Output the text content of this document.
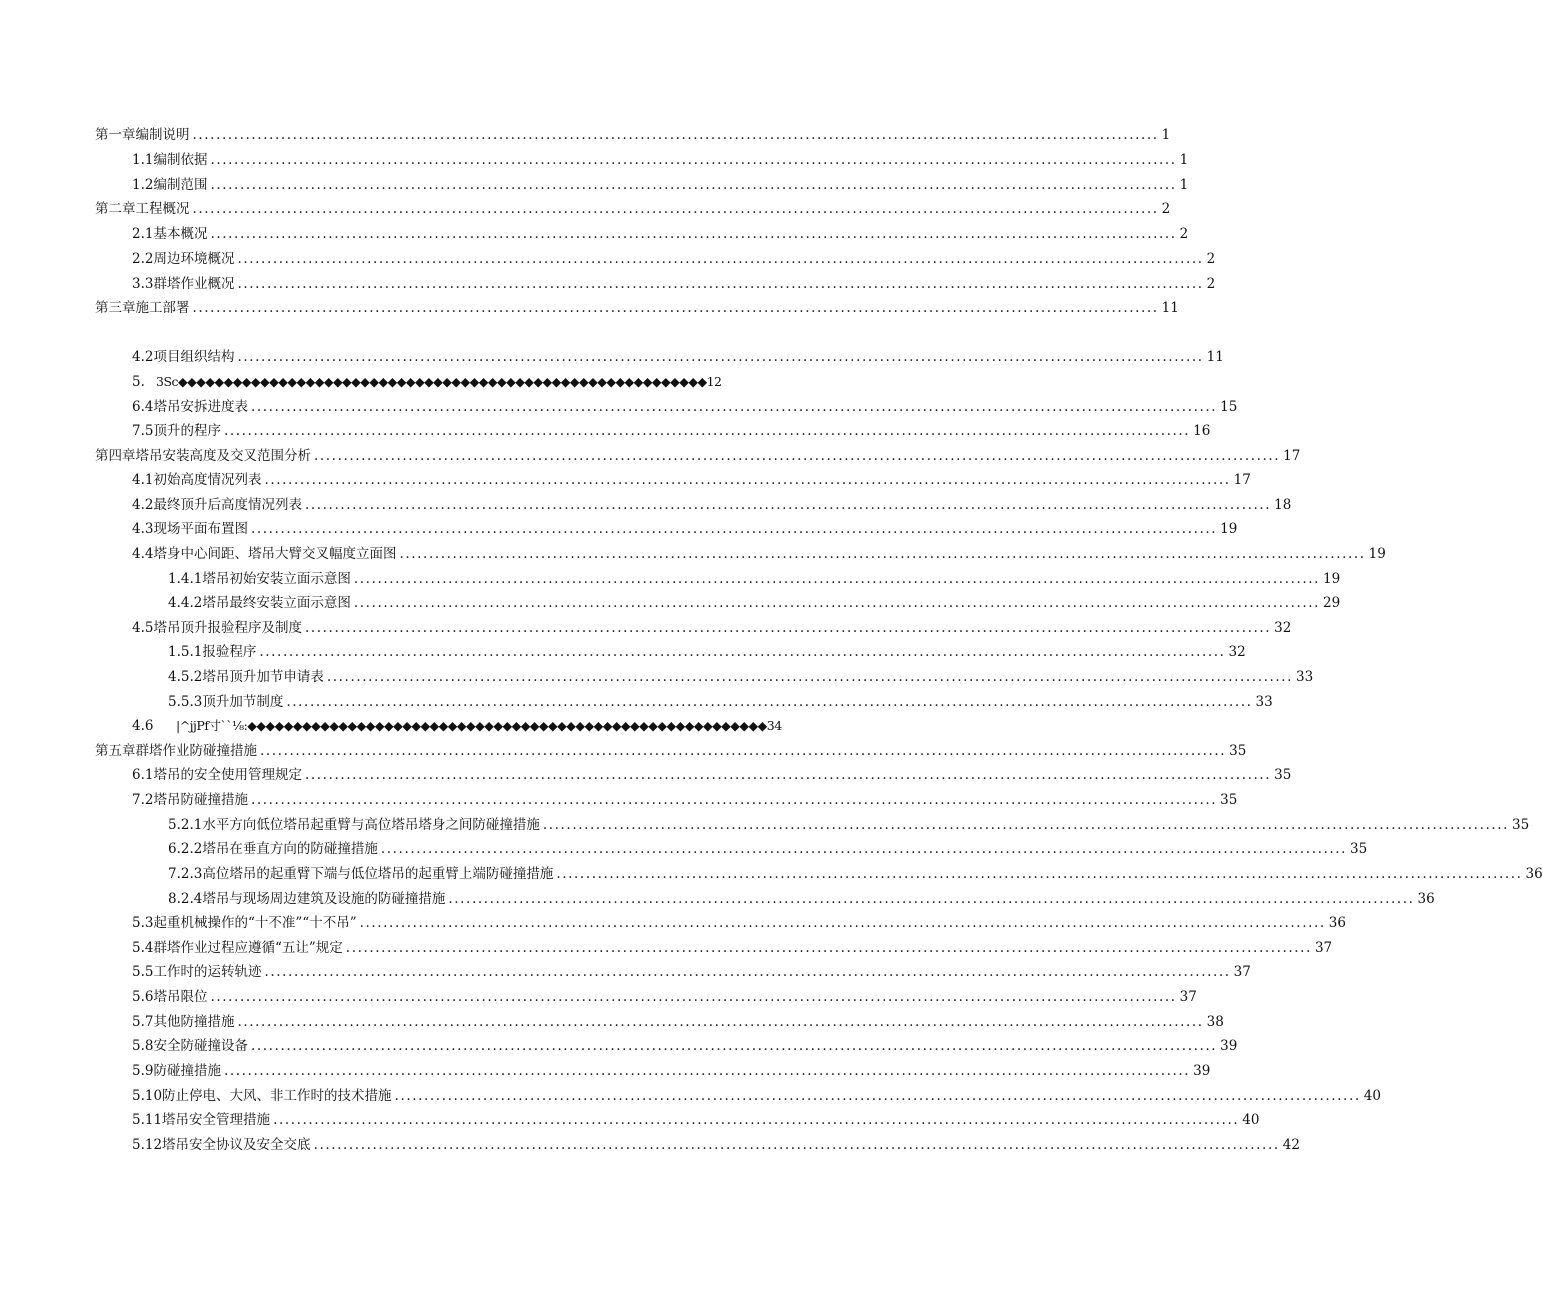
第一章编制说明 .................................................................................................................................................................... 1
1. 1编制依据 .................................................................................................................................................................... 1
1.2编制范围 .................................................................................................................................................................... 1
第二章工程概况 .................................................................................................................................................................... 2
2.1基本概况 .................................................................................................................................................................... 2
2. 2周边环境概况 .................................................................................................................................................................... 2
3. 3群塔作业概况 .................................................................................................................................................................... 2
第三章施工部署 .................................................................................................................................................................... 11
4. 2项目组织结构 .................................................................................................................................................................... 11
5. 3Sc◆◆◆◆◆◆◆◆◆◆◆◆◆◆◆◆◆◆◆◆◆◆◆◆◆◆◆◆◆◆◆◆◆◆◆◆◆◆◆◆◆◆◆◆◆◆◆◆◆◆◆◆◆◆◆◆◆◆12
6. 4塔吊安拆进度表 .................................................................................................................................................................... 15
7. 5顶升的程序 .................................................................................................................................................................... 16
第四章塔吊安装高度及交叉范围分析 .................................................................................................................................................................... 17
4.1初始高度情况列表 .................................................................................................................................................................... 17
4.2最终顶升后高度情况列表 .................................................................................................................................................................... 18
4.3现场平面布置图 .................................................................................................................................................................... 19
4. 4塔身中心间距、塔吊大臂交叉幅度立面图 .................................................................................................................................................................... 19
1. 4.1塔吊初始安装立面示意图 .................................................................................................................................................................... 19
4. 4.2塔吊最终安装立面示意图 .................................................................................................................................................................... 29
4.5塔吊顶升报验程序及制度 .................................................................................................................................................................... 32
1. 5.1报验程序 .................................................................................................................................................................... 32
4. 5.2塔吊顶升加节申请表 .................................................................................................................................................................... 33
5. 5.3顶升加节制度 .................................................................................................................................................................... 33
4.6	|^jjPf寸``⅛:◆◆◆◆◆◆◆◆◆◆◆◆◆◆◆◆◆◆◆◆◆◆◆◆◆◆◆◆◆◆◆◆◆◆◆◆◆◆◆◆◆◆◆◆◆◆◆◆◆◆◆◆◆◆◆◆◆34
第五章群塔作业防碰撞措施 .................................................................................................................................................................... 35
6. 1塔吊的安全使用管理规定 .................................................................................................................................................................... 35
7. 2塔吊防碰撞措施 .................................................................................................................................................................... 35
5. 2.1水平方向低位塔吊起重臂与高位塔吊塔身之间防碰撞措施 .................................................................................................................................................................... 35
6. 2.2塔吊在垂直方向的防碰撞措施 .................................................................................................................................................................... 35
7. 2.3高位塔吊的起重臂下端与低位塔吊的起重臂上端防碰撞措施 .................................................................................................................................................................... 36
8. 2.4塔吊与现场周边建筑及设施的防碰撞措施 .................................................................................................................................................................... 36
5.3 起重机械操作的“十不准”“十不吊” .................................................................................................................................................................... 36
5.4 群塔作业过程应遵循“五让”规定 .................................................................................................................................................................... 37
5.5 工作时的运转轨迹 .................................................................................................................................................................... 37
5.6 塔吊限位 .................................................................................................................................................................... 37
5.7 其他防撞措施 .................................................................................................................................................................... 38
5.8 安全防碰撞设备 .................................................................................................................................................................... 39
5.9防碰撞措施 .................................................................................................................................................................... 39
5.10防止停电、大风、非工作时的技术措施 .................................................................................................................................................................... 40
5.11塔吊安全管理措施 .................................................................................................................................................................... 40
5.12塔吊安全协议及安全交底 .................................................................................................................................................................... 42
